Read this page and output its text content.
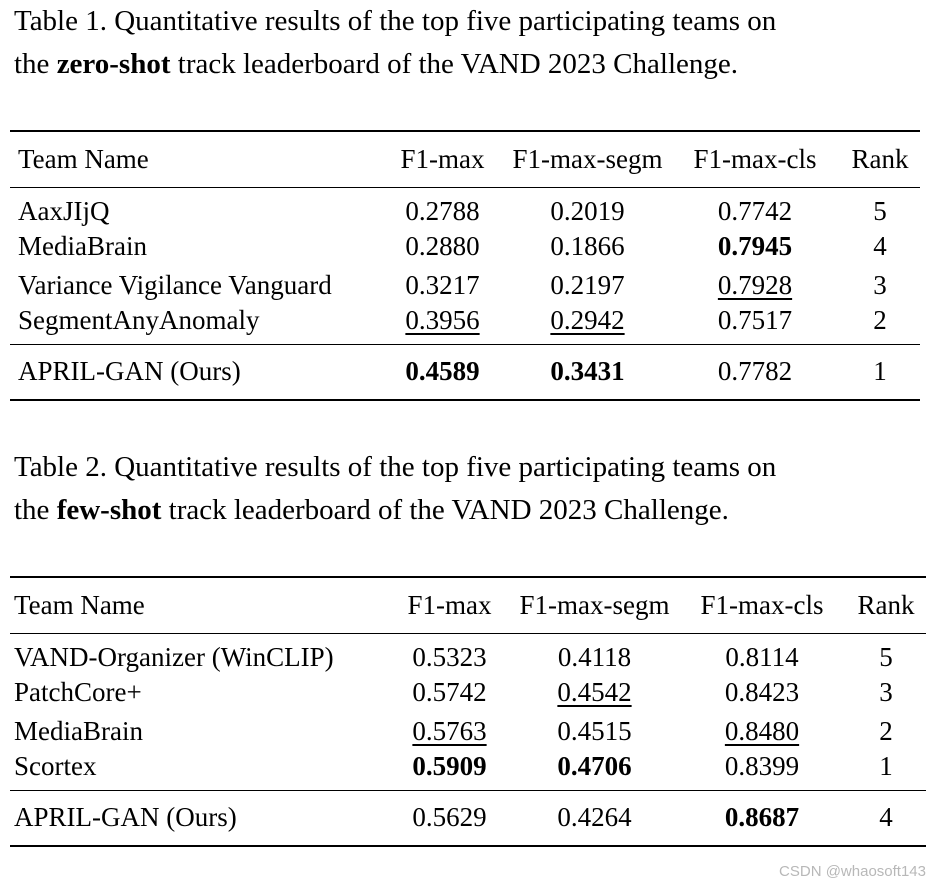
Table 1. Quantitative results of the top five participating teams on
the zero-shot track leaderboard of the VAND 2023 Challenge.

Team Name	F1-max	F1-max-segm	F1-max-cls	Rank
AaxJIjQ	0.2788	0.2019	0.7742	5
MediaBrain	0.2880	0.1866	0.7945	4
Variance Vigilance Vanguard	0.3217	0.2197	0.7928	3
SegmentAnyAnomaly	0.3956	0.2942	0.7517	2
APRIL-GAN (Ours)	0.4589	0.3431	0.7782	1

Table 2. Quantitative results of the top five participating teams on
the few-shot track leaderboard of the VAND 2023 Challenge.

Team Name	F1-max	F1-max-segm	F1-max-cls	Rank
VAND-Organizer (WinCLIP)	0.5323	0.4118	0.8114	5
PatchCore+	0.5742	0.4542	0.8423	3
MediaBrain	0.5763	0.4515	0.8480	2
Scortex	0.5909	0.4706	0.8399	1
APRIL-GAN (Ours)	0.5629	0.4264	0.8687	4
CSDN @whaosoft143
